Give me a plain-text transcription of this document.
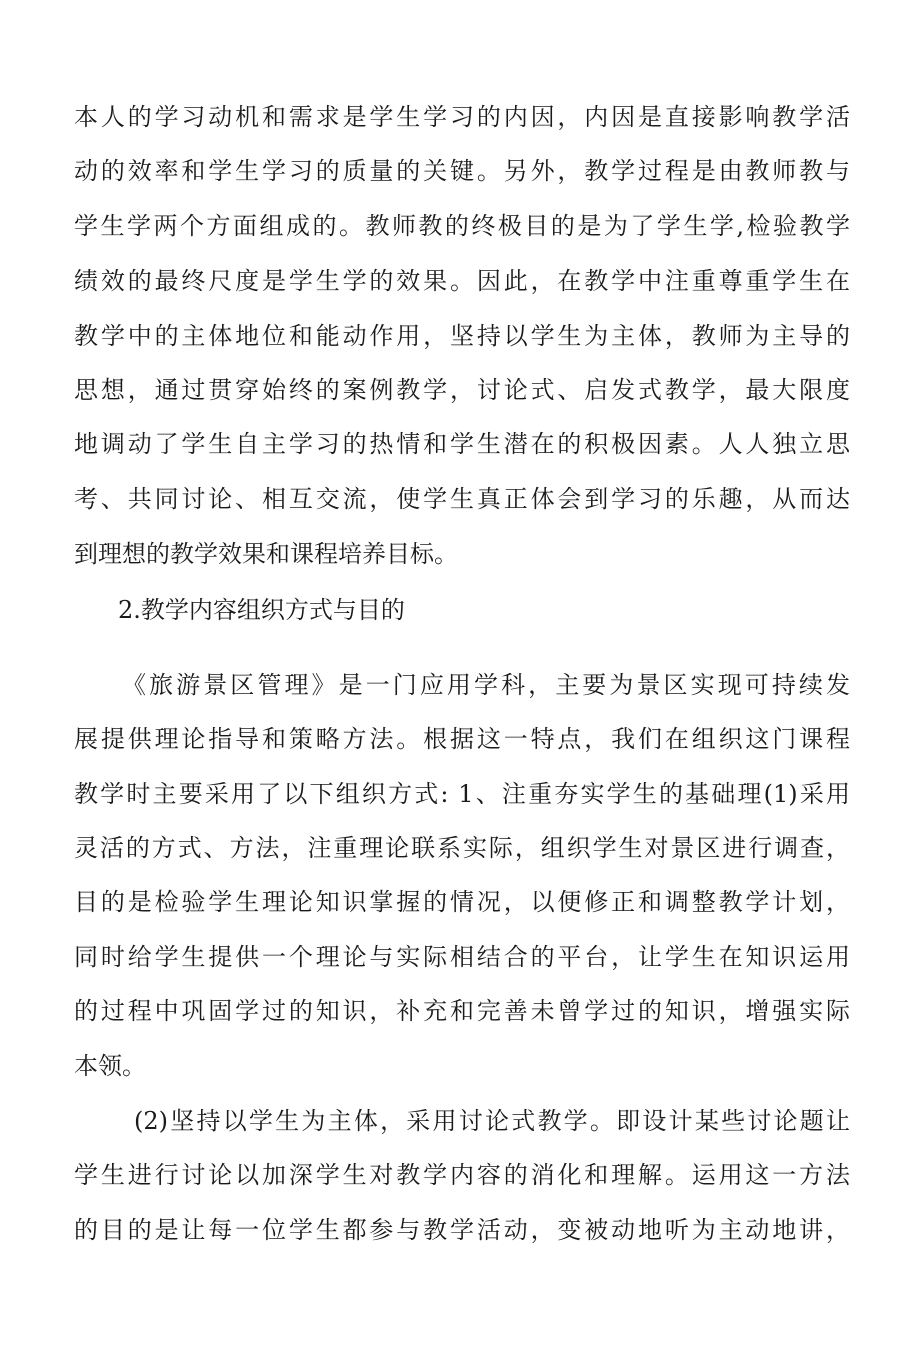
本人的学习动机和需求是学生学习的内因，内因是直接影响教学活
动的效率和学生学习的质量的关键。另外，教学过程是由教师教与
学生学两个方面组成的。教师教的终极目的是为了学生学,检验教学
绩效的最终尺度是学生学的效果。因此，在教学中注重尊重学生在
教学中的主体地位和能动作用，坚持以学生为主体，教师为主导的
思想，通过贯穿始终的案例教学，讨论式、启发式教学，最大限度
地调动了学生自主学习的热情和学生潜在的积极因素。人人独立思
考、共同讨论、相互交流，使学生真正体会到学习的乐趣，从而达
到理想的教学效果和课程培养目标。
2.教学内容组织方式与目的
《旅游景区管理》是一门应用学科，主要为景区实现可持续发
展提供理论指导和策略方法。根据这一特点，我们在组织这门课程
教学时主要采用了以下组织方式: 1、注重夯实学生的基础理(1)采用
灵活的方式、方法，注重理论联系实际，组织学生对景区进行调查，
目的是检验学生理论知识掌握的情况，以便修正和调整教学计划，
同时给学生提供一个理论与实际相结合的平台，让学生在知识运用
的过程中巩固学过的知识，补充和完善未曾学过的知识，增强实际
本领。
(2)坚持以学生为主体，采用讨论式教学。即设计某些讨论题让
学生进行讨论以加深学生对教学内容的消化和理解。运用这一方法
的目的是让每一位学生都参与教学活动，变被动地听为主动地讲，
